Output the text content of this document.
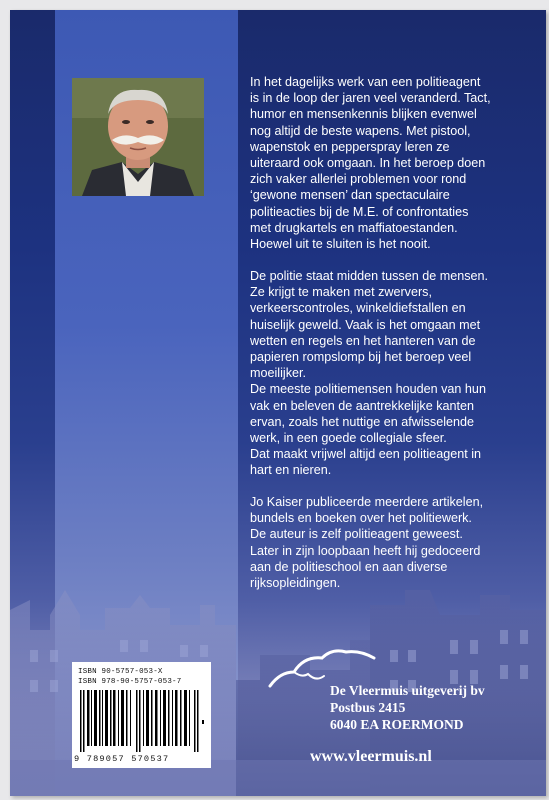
In het dagelijks werk van een politieagent
is in de loop der jaren veel veranderd. Tact,
humor en mensenkennis blijken evenwel
nog altijd de beste wapens. Met pistool,
wapenstok en pepperspray leren ze
uiteraard ook omgaan. In het beroep doen
zich vaker allerlei problemen voor rond
‘gewone mensen’ dan spectaculaire
politieacties bij de M.E. of confrontaties
met drugkartels en maffiatoestanden.
Hoewel uit te sluiten is het nooit.

De politie staat midden tussen de mensen.
Ze krijgt te maken met zwervers,
verkeerscontroles, winkeldiefstallen en
huiselijk geweld. Vaak is het omgaan met
wetten en regels en het hanteren van de
papieren rompslomp bij het beroep veel
moeilijker.
De meeste politiemensen houden van hun
vak en beleven de aantrekkelijke kanten
ervan, zoals het nuttige en afwisselende
werk, in een goede collegiale sfeer.
Dat maakt vrijwel altijd een politieagent in
hart en nieren.

Jo Kaiser publiceerde meerdere artikelen,
bundels en boeken over het politiewerk.
De auteur is zelf politieagent geweest.
Later in zijn loopbaan heeft hij gedoceerd
aan de politieschool en aan diverse
rijksopleidingen.

ISBN 90-5757-053-X
ISBN 978-90-5757-053-7
9 789057 570537
De Vleermuis uitgeverij bv
Postbus 2415
6040 EA ROERMOND
www.vleermuis.nl
